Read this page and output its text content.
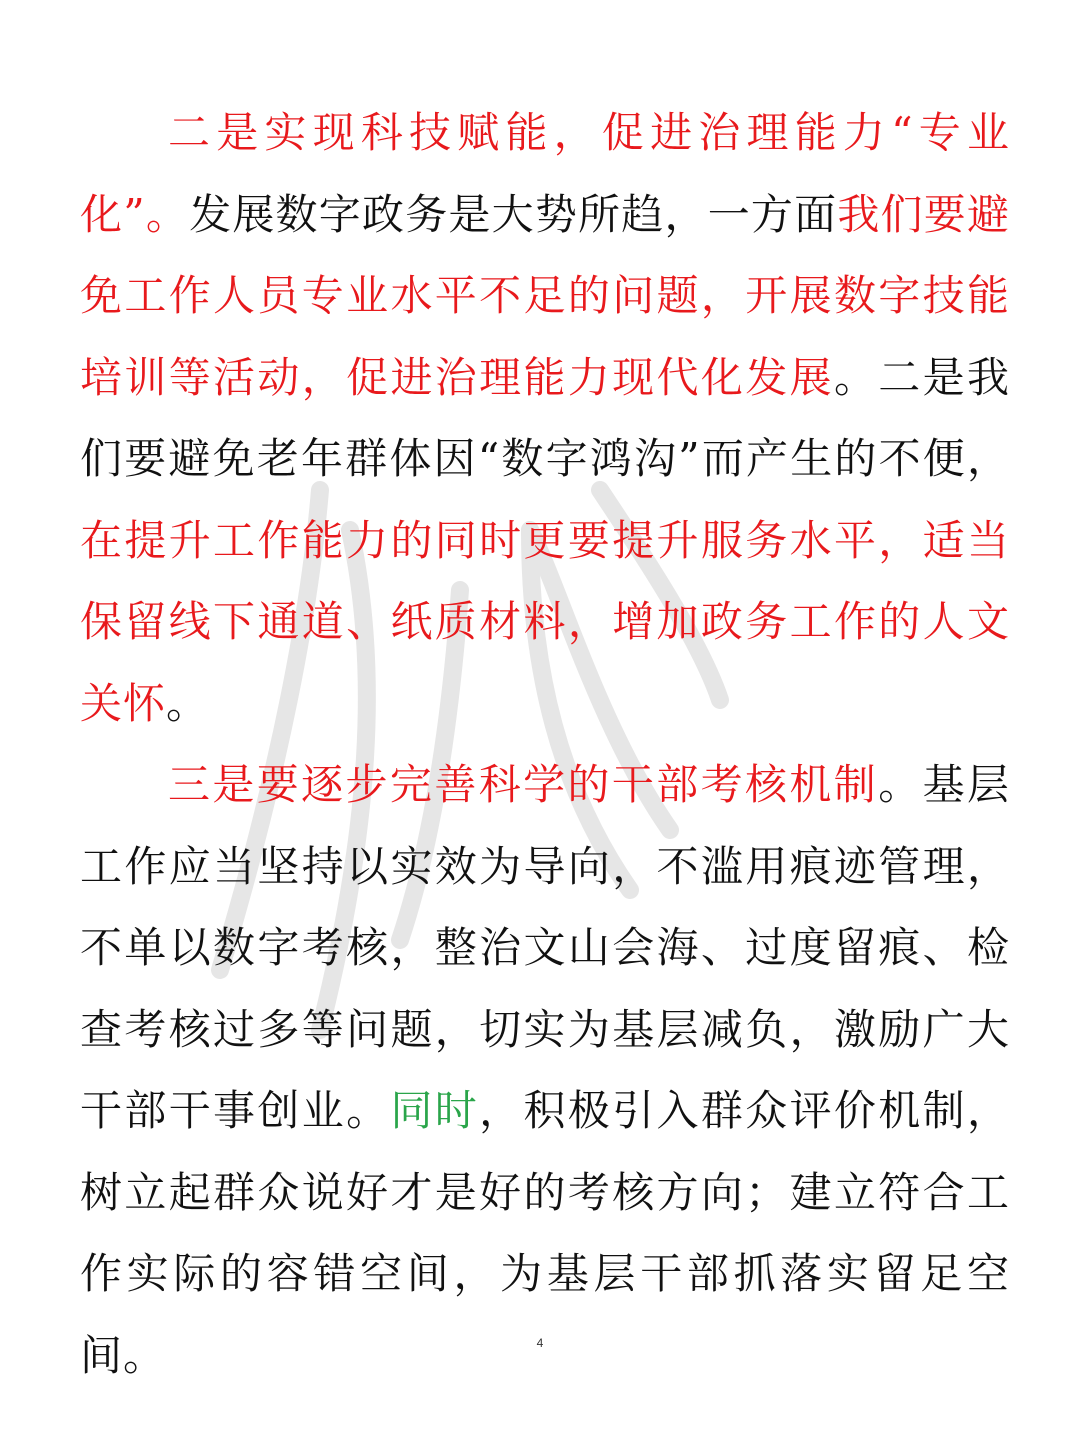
二是实现科技赋能，促进治理能力“专业化”。发展数字政务是大势所趋，一方面我们要避免工作人员专业水平不足的问题，开展数字技能培训等活动，促进治理能力现代化发展。二是我们要避免老年群体因“数字鸿沟”而产生的不便，在提升工作能力的同时更要提升服务水平，适当保留线下通道、纸质材料，增加政务工作的人文关怀。

三是要逐步完善科学的干部考核机制。基层工作应当坚持以实效为导向，不滥用痕迹管理，不单以数字考核，整治文山会海、过度留痕、检查考核过多等问题，切实为基层减负，激励广大干部干事创业。同时，积极引入群众评价机制，树立起群众说好才是好的考核方向；建立符合工作实际的容错空间，为基层干部抓落实留足空间。	4
